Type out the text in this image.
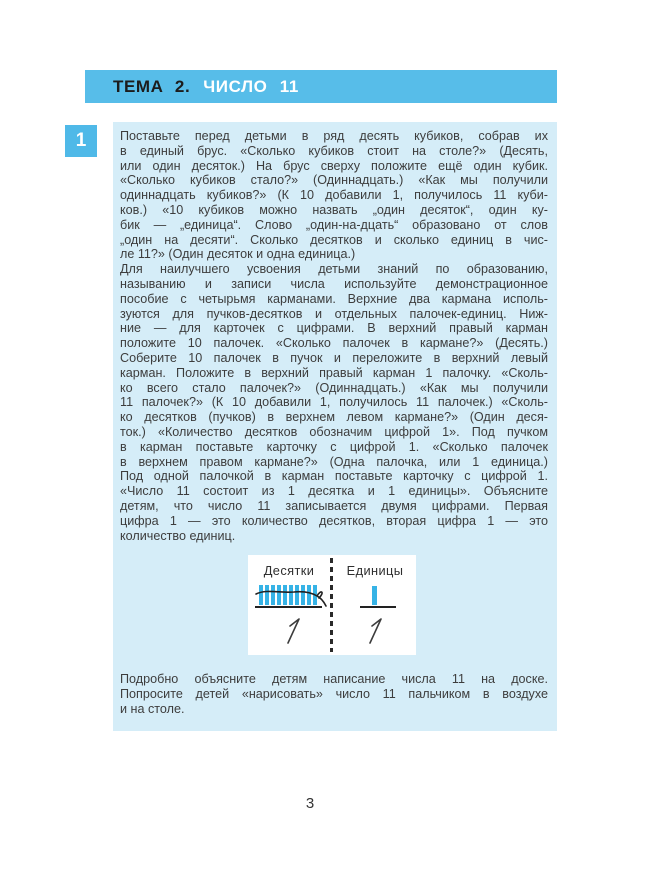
ТЕМА 2. ЧИСЛО 11
1	Поставьте перед детьми в ряд десять кубиков, собрав их
в единый брус. «Сколько кубиков стоит на столе?» (Десять,
или один десяток.) На брус сверху положите ещё один кубик.
«Сколько кубиков стало?» (Одиннадцать.) «Как мы получили
одиннадцать кубиков?» (К 10 добавили 1, получилось 11 куби-
ков.) «10 кубиков можно назвать „один десяток“, один ку-
бик — „единица“. Слово „один-на-дцать“ образовано от слов
„один на десяти“. Сколько десятков и сколько единиц в чис-
ле 11?» (Один десяток и одна единица.)
Для наилучшего усвоения детьми знаний по образованию,
называнию и записи числа используйте демонстрационное
пособие с четырьмя карманами. Верхние два кармана исполь-
зуются для пучков-десятков и отдельных палочек-единиц. Ниж-
ние — для карточек с цифрами. В верхний правый карман
положите 10 палочек. «Сколько палочек в кармане?» (Десять.)
Соберите 10 палочек в пучок и переложите в верхний левый
карман. Положите в верхний правый карман 1 палочку. «Сколь-
ко всего стало палочек?» (Одиннадцать.) «Как мы получили
11 палочек?» (К 10 добавили 1, получилось 11 палочек.) «Сколь-
ко десятков (пучков) в верхнем левом кармане?» (Один деся-
ток.) «Количество десятков обозначим цифрой 1». Под пучком
в карман поставьте карточку с цифрой 1. «Сколько палочек
в верхнем правом кармане?» (Одна палочка, или 1 единица.)
Под одной палочкой в карман поставьте карточку с цифрой 1.
«Число 11 состоит из 1 десятка и 1 единицы». Объясните
детям, что число 11 записывается двумя цифрами. Первая
цифра 1 — это количество десятков, вторая цифра 1 — это
количество единиц.
Десятки	Единицы
Подробно объясните детям написание числа 11 на доске.
Попросите детей «нарисовать» число 11 пальчиком в воздухе
и на столе.
3
